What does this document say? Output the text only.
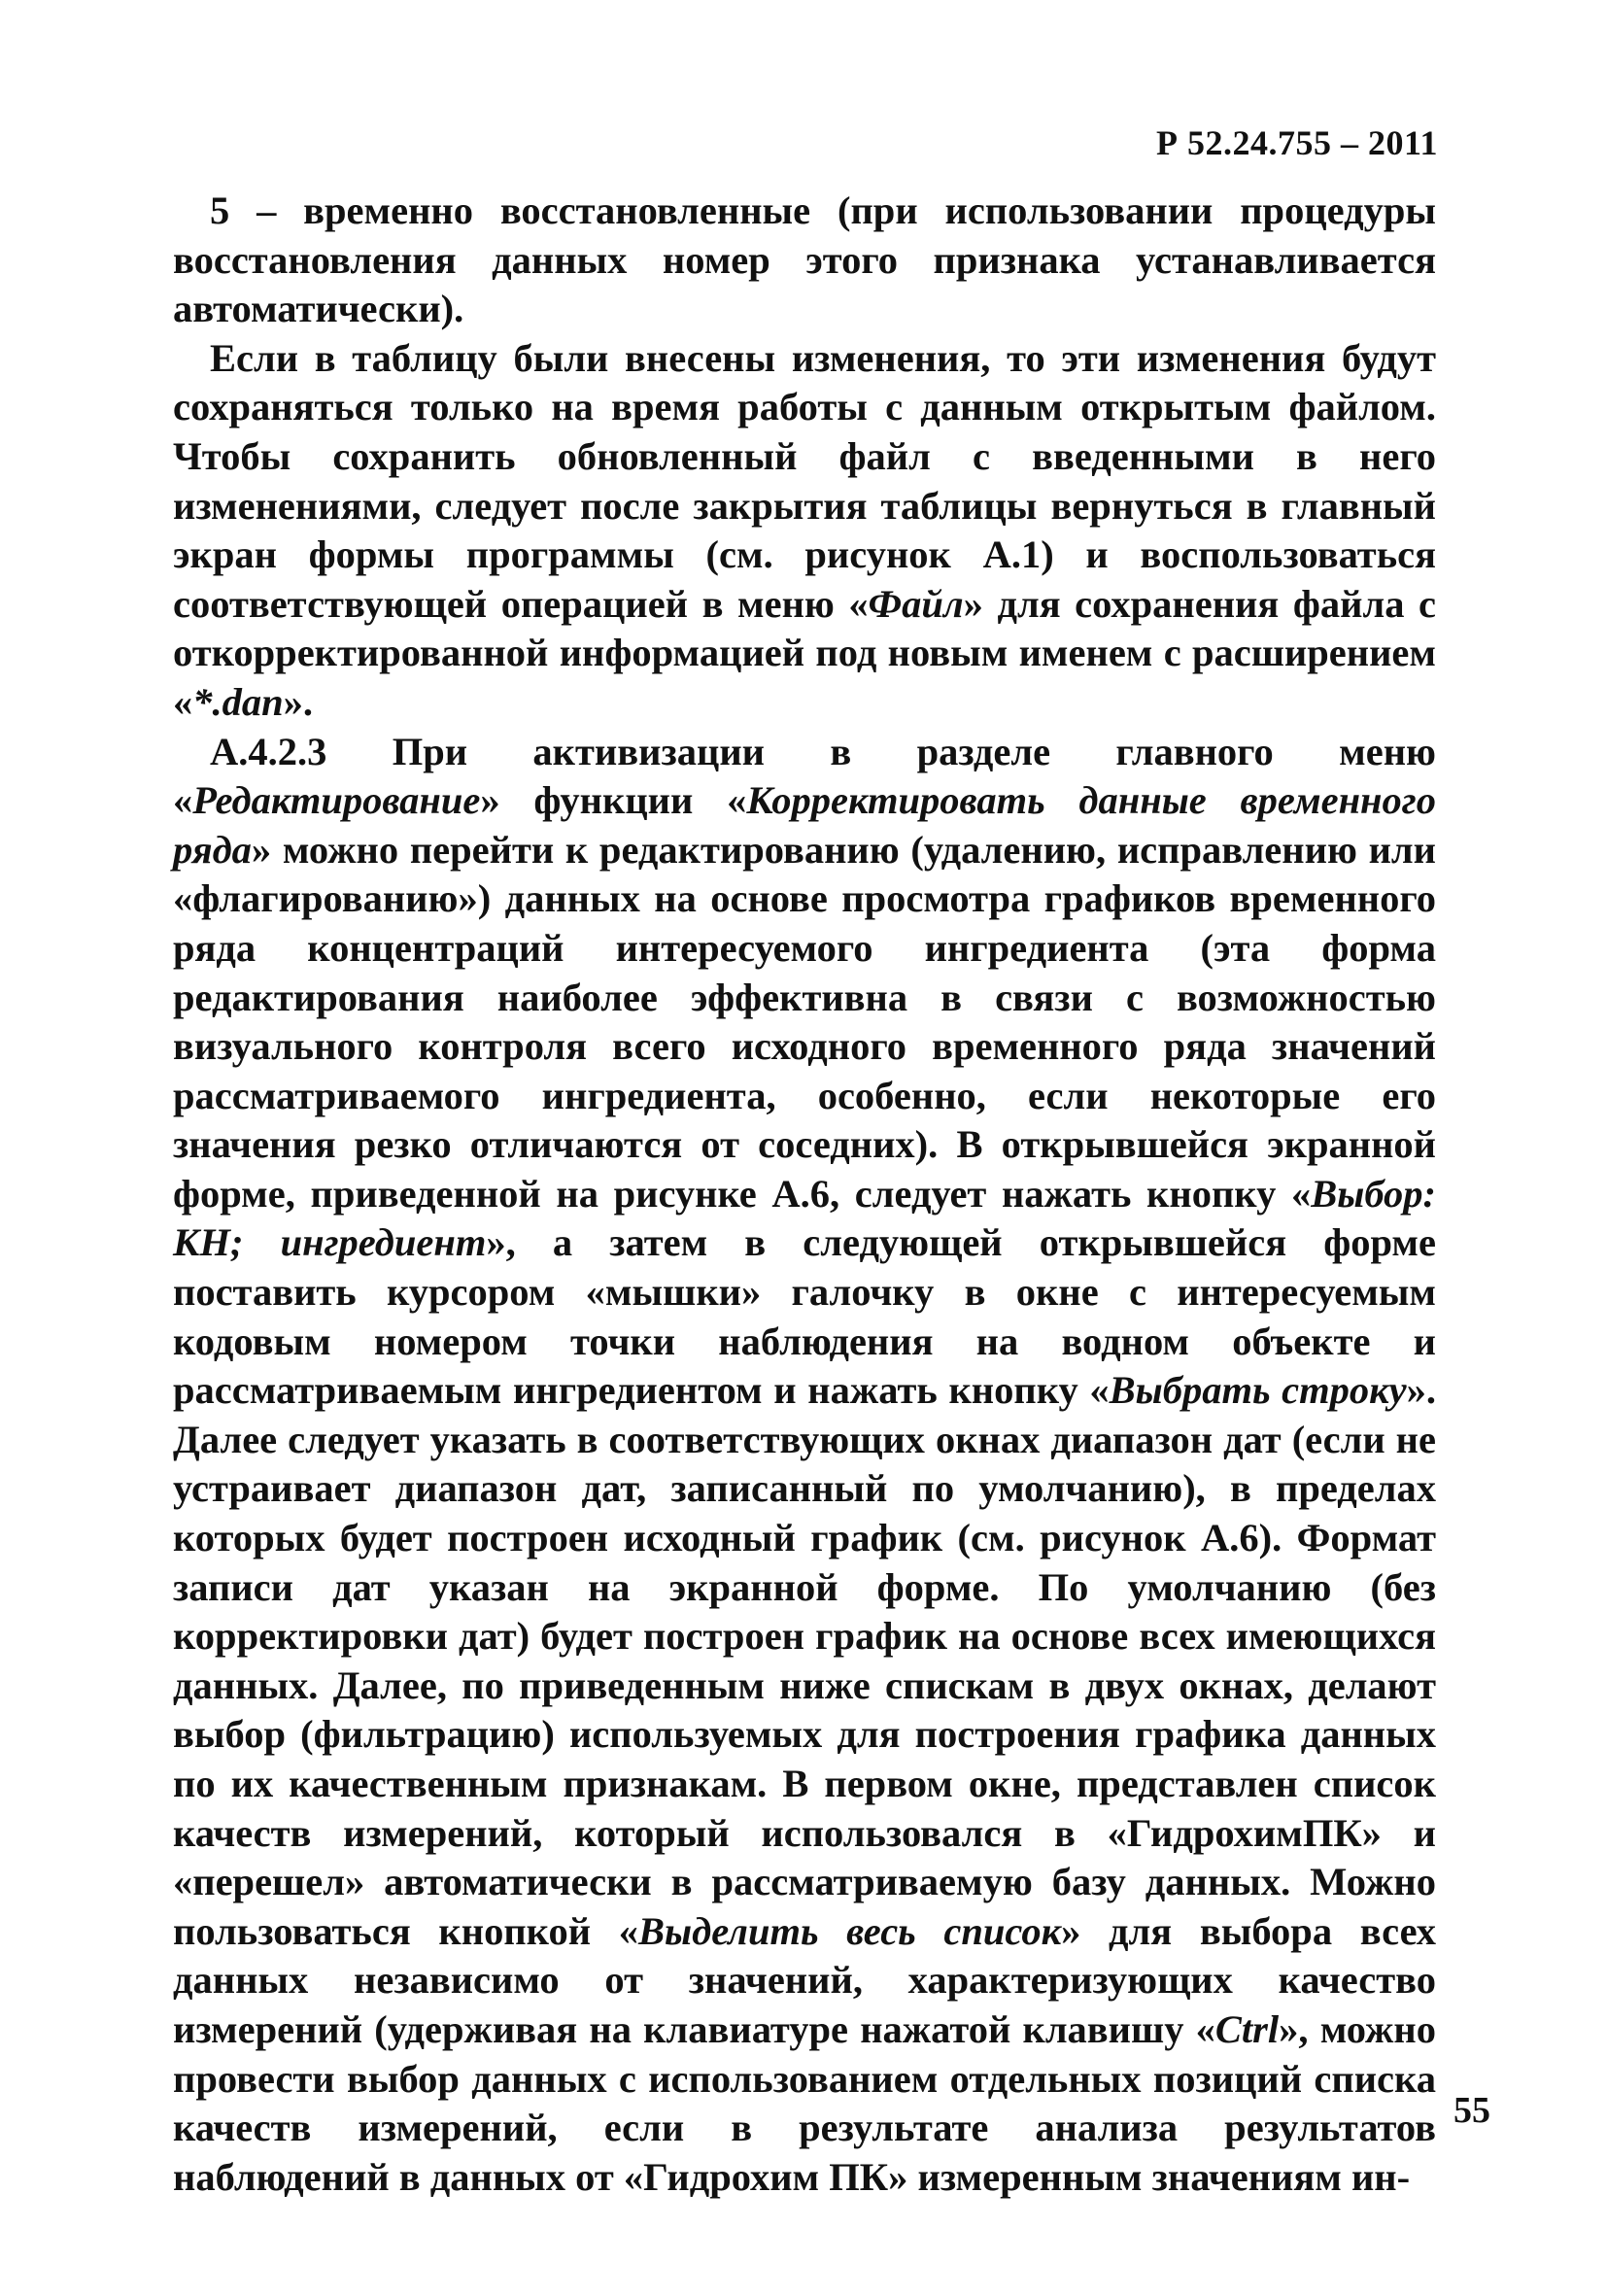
Р 52.24.755 – 2011

5 – временно восстановленные (при использовании процедуры восстановления данных номер этого признака устанавливается автоматически).

Если в таблицу были внесены изменения, то эти изменения будут сохраняться только на время работы с данным открытым файлом. Чтобы сохранить обновленный файл с введенными в него изменениями, следует после закрытия таблицы вернуться в главный экран формы программы (см. рисунок А.1) и воспользоваться соответствующей операцией в меню «Файл» для сохранения файла с откорректированной информацией под новым именем с расширением «*.dan».

А.4.2.3 При активизации в разделе главного меню «Редактирование» функции «Корректировать данные временного ряда» можно перейти к редактированию (удалению, исправлению или «флагированию») данных на основе просмотра графиков временного ряда концентраций интересуемого ингредиента (эта форма редактирования наиболее эффективна в связи с возможностью визуального контроля всего исходного временного ряда значений рассматриваемого ингредиента, особенно, если некоторые его значения резко отличаются от соседних). В открывшейся экранной форме, приведенной на рисунке А.6, следует нажать кнопку «Выбор: КН; ингредиент», а затем в следующей открывшейся форме поставить курсором «мышки» галочку в окне с интересуемым кодовым номером точки наблюдения на водном объекте и рассматриваемым ингредиентом и нажать кнопку «Выбрать строку». Далее следует указать в соответствующих окнах диапазон дат (если не устраивает диапазон дат, записанный по умолчанию), в пределах которых будет построен исходный график (см. рисунок А.6). Формат записи дат указан на экранной форме. По умолчанию (без корректировки дат) будет построен график на основе всех имеющихся данных. Далее, по приведенным ниже спискам в двух окнах, делают выбор (фильтрацию) используемых для построения графика данных по их качественным признакам. В первом окне, представлен список качеств измерений, который использовался в «ГидрохимПК» и «перешел» автоматически в рассматриваемую базу данных. Можно пользоваться кнопкой «Выделить весь список» для выбора всех данных независимо от значений, характеризующих качество измерений (удерживая на клавиатуре нажатой клавишу «Ctrl», можно провести выбор данных с использованием отдельных позиций списка качеств измерений, если в результате анализа результатов наблюдений в данных от «Гидрохим ПК» измеренным значениям ин-

55
